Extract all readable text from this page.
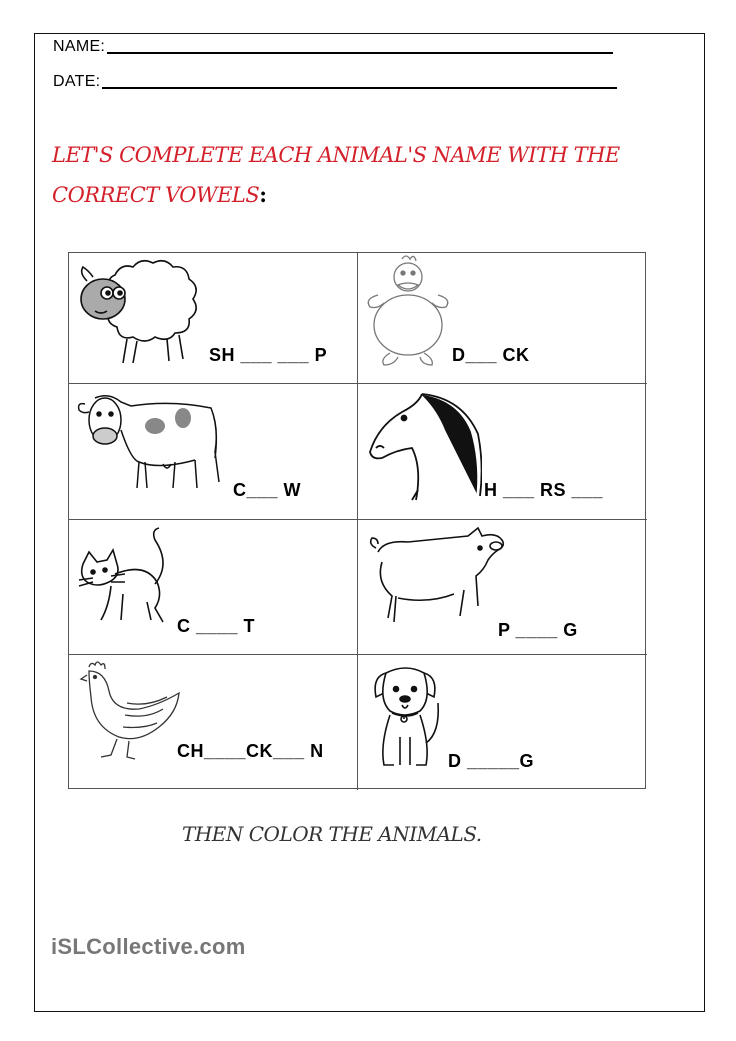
NAME:
DATE:
LET'S COMPLETE EACH ANIMAL'S NAME WITH THE
CORRECT VOWELS:
SH ___ ___ P	D___ CK
C___ W	H ___ RS ___
C ____ T	P ____ G
CH____CK___ N	D _____G
THEN COLOR THE ANIMALS.
iSLCollective.com
